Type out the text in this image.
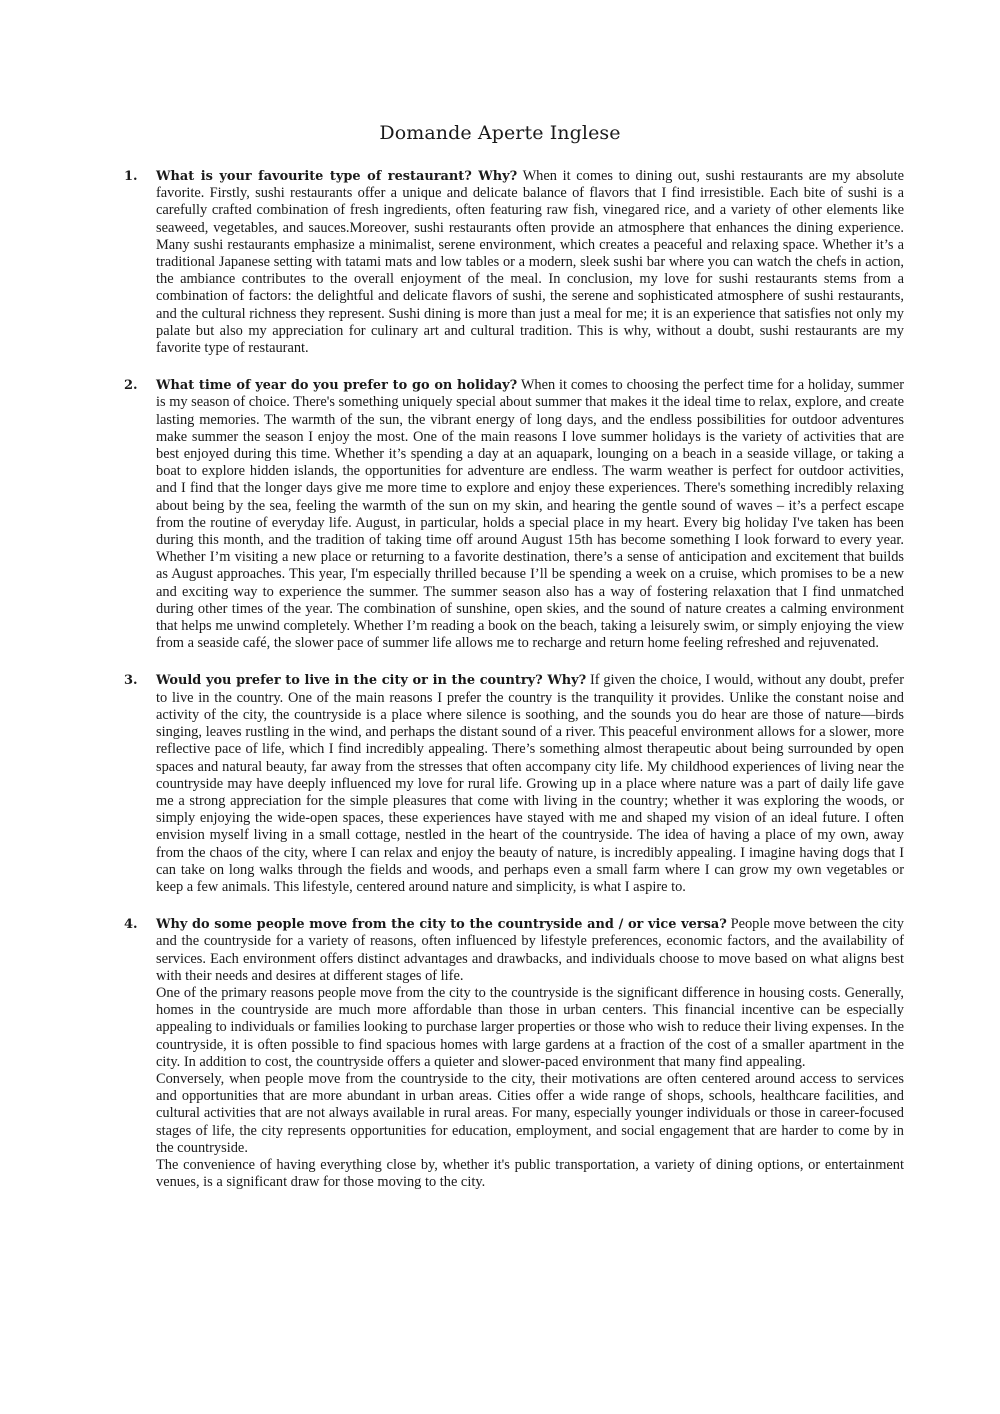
Domande Aperte Inglese
1. What is your favourite type of restaurant? Why? When it comes to dining out, sushi restaurants are my absolute favorite. Firstly, sushi restaurants offer a unique and delicate balance of flavors that I find irresistible. Each bite of sushi is a carefully crafted combination of fresh ingredients, often featuring raw fish, vinegared rice, and a variety of other elements like seaweed, vegetables, and sauces.Moreover, sushi restaurants often provide an atmosphere that enhances the dining experience. Many sushi restaurants emphasize a minimalist, serene environment, which creates a peaceful and relaxing space. Whether it’s a traditional Japanese setting with tatami mats and low tables or a modern, sleek sushi bar where you can watch the chefs in action, the ambiance contributes to the overall enjoyment of the meal. In conclusion, my love for sushi restaurants stems from a combination of factors: the delightful and delicate flavors of sushi, the serene and sophisticated atmosphere of sushi restaurants, and the cultural richness they represent. Sushi dining is more than just a meal for me; it is an experience that satisfies not only my palate but also my appreciation for culinary art and cultural tradition. This is why, without a doubt, sushi restaurants are my favorite type of restaurant.

2. What time of year do you prefer to go on holiday? When it comes to choosing the perfect time for a holiday, summer is my season of choice. There's something uniquely special about summer that makes it the ideal time to relax, explore, and create lasting memories. The warmth of the sun, the vibrant energy of long days, and the endless possibilities for outdoor adventures make summer the season I enjoy the most. One of the main reasons I love summer holidays is the variety of activities that are best enjoyed during this time. Whether it’s spending a day at an aquapark, lounging on a beach in a seaside village, or taking a boat to explore hidden islands, the opportunities for adventure are endless. The warm weather is perfect for outdoor activities, and I find that the longer days give me more time to explore and enjoy these experiences. There's something incredibly relaxing about being by the sea, feeling the warmth of the sun on my skin, and hearing the gentle sound of waves – it’s a perfect escape from the routine of everyday life. August, in particular, holds a special place in my heart. Every big holiday I've taken has been during this month, and the tradition of taking time off around August 15th has become something I look forward to every year. Whether I’m visiting a new place or returning to a favorite destination, there’s a sense of anticipation and excitement that builds as August approaches. This year, I'm especially thrilled because I’ll be spending a week on a cruise, which promises to be a new and exciting way to experience the summer. The summer season also has a way of fostering relaxation that I find unmatched during other times of the year. The combination of sunshine, open skies, and the sound of nature creates a calming environment that helps me unwind completely. Whether I’m reading a book on the beach, taking a leisurely swim, or simply enjoying the view from a seaside café, the slower pace of summer life allows me to recharge and return home feeling refreshed and rejuvenated.

3. Would you prefer to live in the city or in the country? Why? If given the choice, I would, without any doubt, prefer to live in the country. One of the main reasons I prefer the country is the tranquility it provides. Unlike the constant noise and activity of the city, the countryside is a place where silence is soothing, and the sounds you do hear are those of nature—birds singing, leaves rustling in the wind, and perhaps the distant sound of a river. This peaceful environment allows for a slower, more reflective pace of life, which I find incredibly appealing. There’s something almost therapeutic about being surrounded by open spaces and natural beauty, far away from the stresses that often accompany city life. My childhood experiences of living near the countryside may have deeply influenced my love for rural life. Growing up in a place where nature was a part of daily life gave me a strong appreciation for the simple pleasures that come with living in the country; whether it was exploring the woods, or simply enjoying the wide-open spaces, these experiences have stayed with me and shaped my vision of an ideal future. I often envision myself living in a small cottage, nestled in the heart of the countryside. The idea of having a place of my own, away from the chaos of the city, where I can relax and enjoy the beauty of nature, is incredibly appealing. I imagine having dogs that I can take on long walks through the fields and woods, and perhaps even a small farm where I can grow my own vegetables or keep a few animals. This lifestyle, centered around nature and simplicity, is what I aspire to.

4. Why do some people move from the city to the countryside and / or vice versa? People move between the city and the countryside for a variety of reasons, often influenced by lifestyle preferences, economic factors, and the availability of services. Each environment offers distinct advantages and drawbacks, and individuals choose to move based on what aligns best with their needs and desires at different stages of life.

One of the primary reasons people move from the city to the countryside is the significant difference in housing costs. Generally, homes in the countryside are much more affordable than those in urban centers. This financial incentive can be especially appealing to individuals or families looking to purchase larger properties or those who wish to reduce their living expenses. In the countryside, it is often possible to find spacious homes with large gardens at a fraction of the cost of a smaller apartment in the city. In addition to cost, the countryside offers a quieter and slower-paced environment that many find appealing.

Conversely, when people move from the countryside to the city, their motivations are often centered around access to services and opportunities that are more abundant in urban areas. Cities offer a wide range of shops, schools, healthcare facilities, and cultural activities that are not always available in rural areas. For many, especially younger individuals or those in career-focused stages of life, the city represents opportunities for education, employment, and social engagement that are harder to come by in the countryside.

The convenience of having everything close by, whether it's public transportation, a variety of dining options, or entertainment venues, is a significant draw for those moving to the city.
